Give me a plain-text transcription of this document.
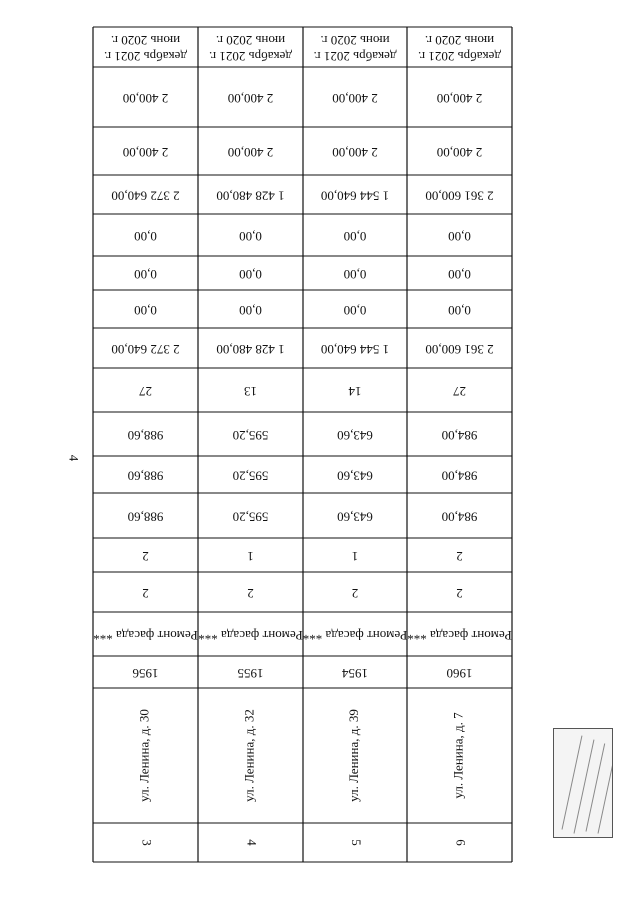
4
июнь 2020 г.
декабрь 2021 г.
2 400,00
2 400,00
2 372 640,00
0,00
0,00
0,00
2 372 640,00
27
988,60
988,60
988,60
2
2
Ремонт фасада ***
1956
ул. Ленина, д. 30
3
июнь 2020 г.
декабрь 2021 г.
2 400,00
2 400,00
1 428 480,00
0,00
0,00
0,00
1 428 480,00
13
595,20
595,20
595,20
1
2
Ремонт фасада ***
1955
ул. Ленина, д. 32
4
июнь 2020 г.
декабрь 2021 г.
2 400,00
2 400,00
1 544 640,00
0,00
0,00
0,00
1 544 640,00
14
643,60
643,60
643,60
1
2
Ремонт фасада ***
1954
ул. Ленина, д. 39
5
июнь 2020 г.
декабрь 2021 г.
2 400,00
2 400,00
2 361 600,00
0,00
0,00
0,00
2 361 600,00
27
984,00
984,00
984,00
2
2
Ремонт фасада ***
1960
ул. Ленина, д. 7
6
